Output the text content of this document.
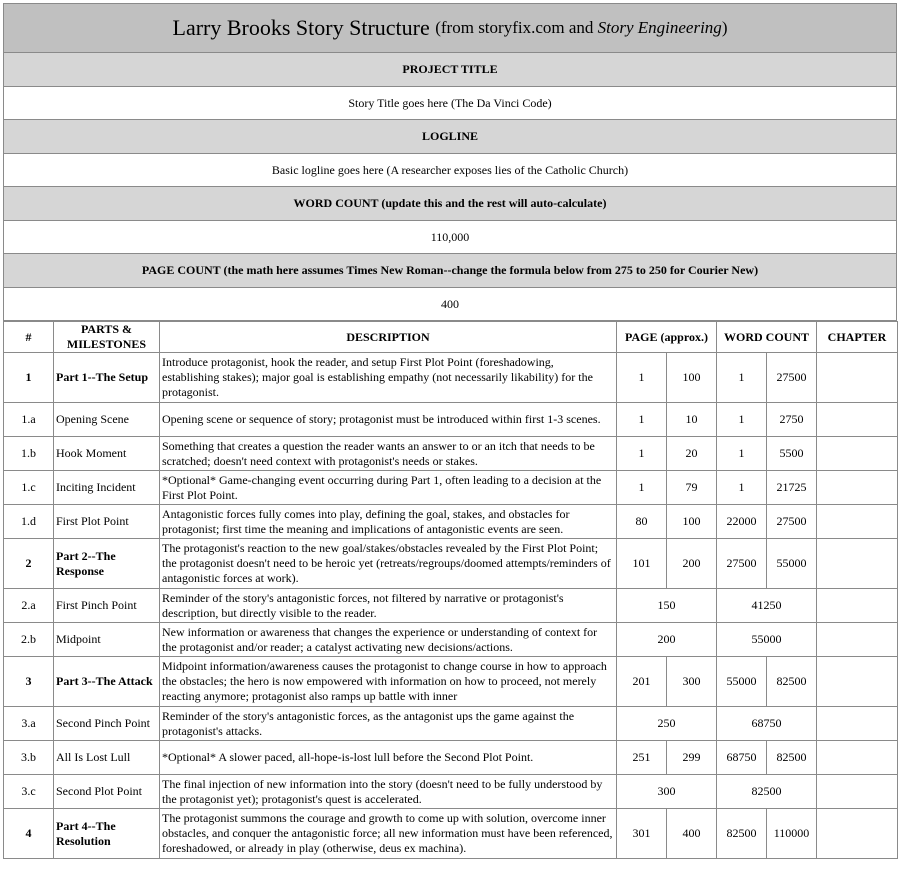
Larry Brooks Story Structure
(from storyfix.com and Story Engineering)
PROJECT TITLE
Story Title goes here (The Da Vinci Code)
LOGLINE
Basic logline goes here (A researcher exposes lies of the Catholic Church)
WORD COUNT (update this and the rest will auto-calculate)
110,000
PAGE COUNT (the math here assumes Times New Roman--change the formula below from 275 to 250 for Courier New)
400
#	PARTS & MILESTONES	DESCRIPTION	PAGE (approx.)		WORD COUNT		CHAPTER
1	Part 1--The Setup	Introduce protagonist, hook the reader, and setup First Plot Point (foreshadowing, establishing stakes); major goal is establishing empathy (not necessarily likability) for the protagonist.	1	100	1	27500	
1.a	Opening Scene	Opening scene or sequence of story; protagonist must be introduced within first 1-3 scenes.	1	10	1	2750	
1.b	Hook Moment	Something that creates a question the reader wants an answer to or an itch that needs to be scratched; doesn't need context with protagonist's needs or stakes.	1	20	1	5500	
1.c	Inciting Incident	*Optional* Game-changing event occurring during Part 1, often leading to a decision at the First Plot Point.	1	79	1	21725	
1.d	First Plot Point	Antagonistic forces fully comes into play, defining the goal, stakes, and obstacles for protagonist; first time the meaning and implications of antagonistic events are seen.	80	100	22000	27500	
2	Part 2--The Response	The protagonist's reaction to the new goal/stakes/obstacles revealed by the First Plot Point; the protagonist doesn't need to be heroic yet (retreats/regroups/doomed attempts/reminders of antagonistic forces at work).	101	200	27500	55000	
2.a	First Pinch Point	Reminder of the story's antagonistic forces, not filtered by narrative or protagonist's description, but directly visible to the reader.	150		41250		
2.b	Midpoint	New information or awareness that changes the experience or understanding of context for the protagonist and/or reader; a catalyst activating new decisions/actions.	200		55000		
3	Part 3--The Attack	Midpoint information/awareness causes the protagonist to change course in how to approach the obstacles; the hero is now empowered with information on how to proceed, not merely reacting anymore; protagonist also ramps up battle with inner	201	300	55000	82500	
3.a	Second Pinch Point	Reminder of the story's antagonistic forces, as the antagonist ups the game against the protagonist's attacks.	250		68750		
3.b	All Is Lost Lull	*Optional* A slower paced, all-hope-is-lost lull before the Second Plot Point.	251	299	68750	82500	
3.c	Second Plot Point	The final injection of new information into the story (doesn't need to be fully understood by the protagonist yet); protagonist's quest is accelerated.	300		82500		
4	Part 4--The Resolution	The protagonist summons the courage and growth to come up with solution, overcome inner obstacles, and conquer the antagonistic force; all new information must have been referenced, foreshadowed, or already in play (otherwise, deus ex machina).	301	400	82500	110000	
